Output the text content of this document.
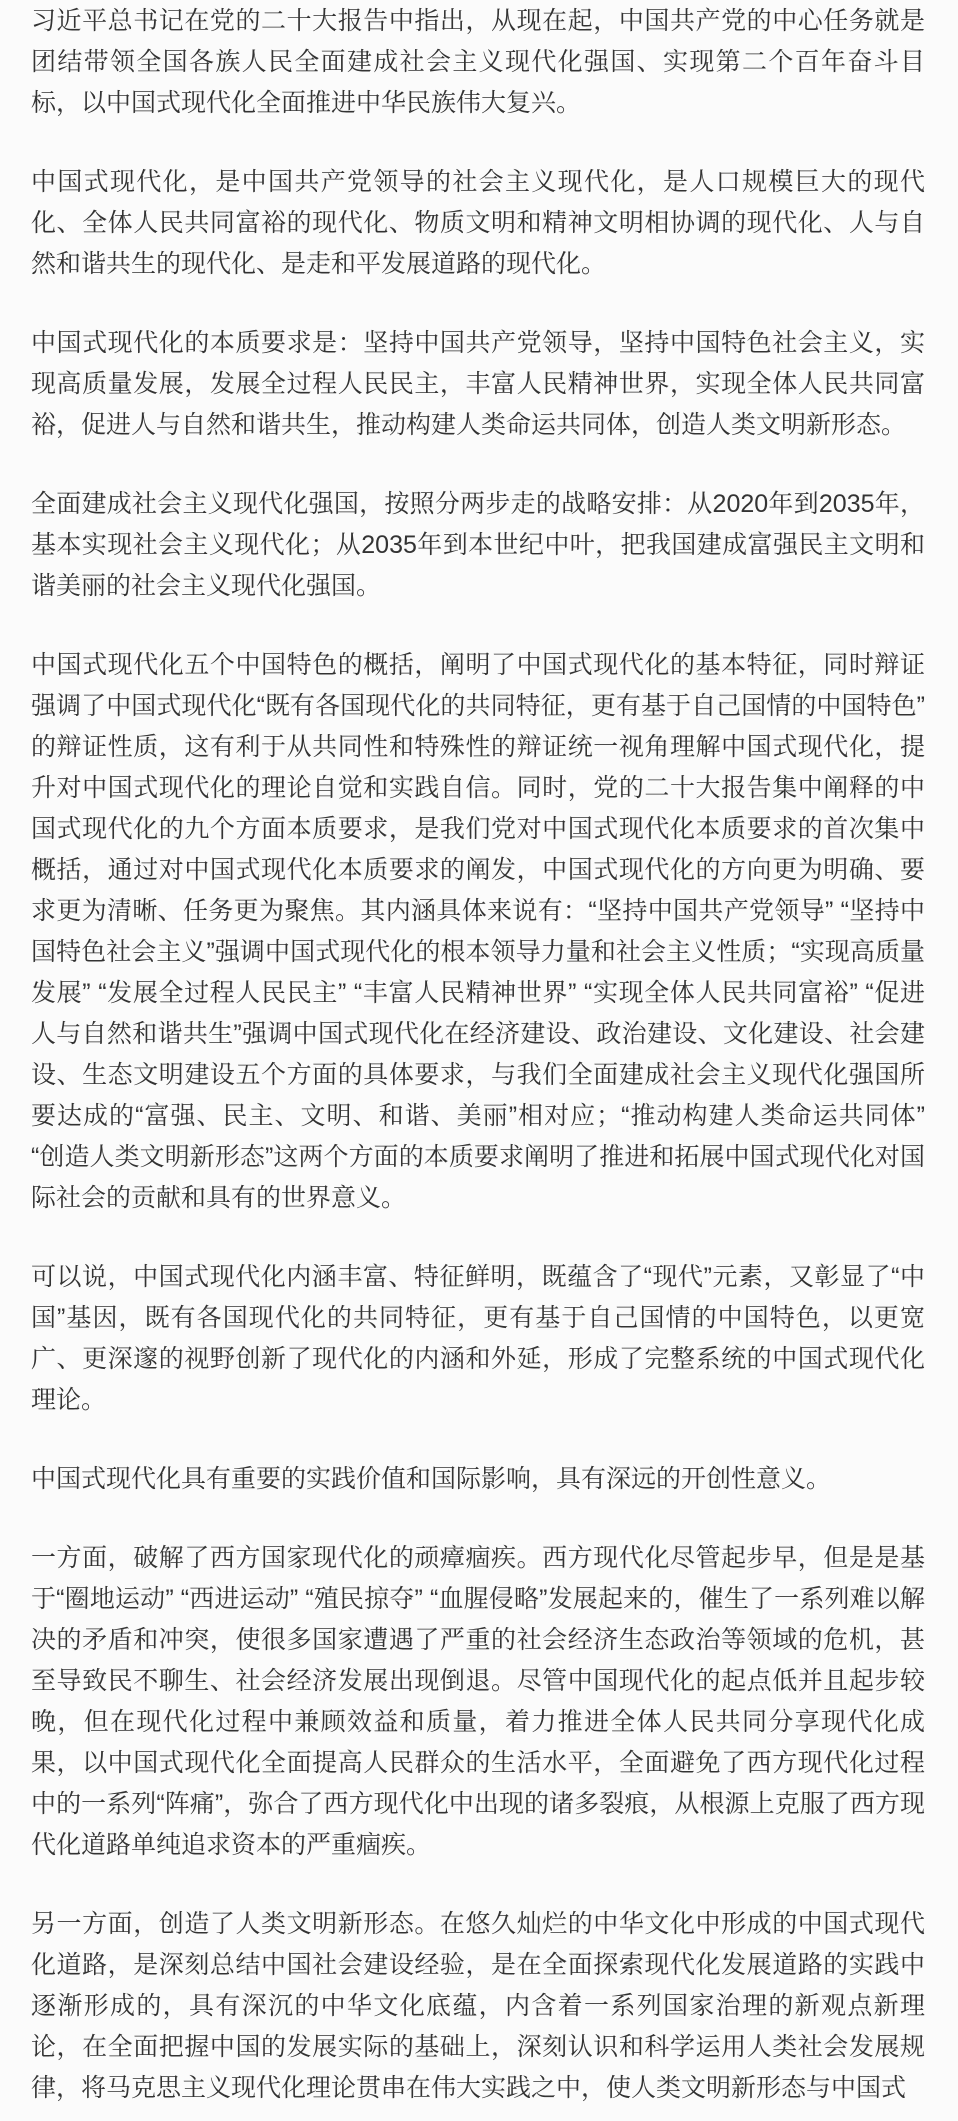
习近平总书记在党的二十大报告中指出，从现在起，中国共产党的中心任务就是团结带领全国各族人民全面建成社会主义现代化强国、实现第二个百年奋斗目标，以中国式现代化全面推进中华民族伟大复兴。

中国式现代化，是中国共产党领导的社会主义现代化，是人口规模巨大的现代化、全体人民共同富裕的现代化、物质文明和精神文明相协调的现代化、人与自然和谐共生的现代化、是走和平发展道路的现代化。

中国式现代化的本质要求是：坚持中国共产党领导，坚持中国特色社会主义，实现高质量发展，发展全过程人民民主，丰富人民精神世界，实现全体人民共同富裕，促进人与自然和谐共生，推动构建人类命运共同体，创造人类文明新形态。

全面建成社会主义现代化强国，按照分两步走的战略安排：从2020年到2035年，基本实现社会主义现代化；从2035年到本世纪中叶，把我国建成富强民主文明和谐美丽的社会主义现代化强国。

中国式现代化五个中国特色的概括，阐明了中国式现代化的基本特征，同时辩证强调了中国式现代化“既有各国现代化的共同特征，更有基于自己国情的中国特色”的辩证性质，这有利于从共同性和特殊性的辩证统一视角理解中国式现代化，提升对中国式现代化的理论自觉和实践自信。同时，党的二十大报告集中阐释的中国式现代化的九个方面本质要求，是我们党对中国式现代化本质要求的首次集中概括，通过对中国式现代化本质要求的阐发，中国式现代化的方向更为明确、要求更为清晰、任务更为聚焦。其内涵具体来说有：“坚持中国共产党领导” “坚持中国特色社会主义”强调中国式现代化的根本领导力量和社会主义性质；“实现高质量发展” “发展全过程人民民主” “丰富人民精神世界” “实现全体人民共同富裕” “促进人与自然和谐共生”强调中国式现代化在经济建设、政治建设、文化建设、社会建设、生态文明建设五个方面的具体要求，与我们全面建成社会主义现代化强国所要达成的“富强、民主、文明、和谐、美丽”相对应；“推动构建人类命运共同体” “创造人类文明新形态”这两个方面的本质要求阐明了推进和拓展中国式现代化对国际社会的贡献和具有的世界意义。

可以说，中国式现代化内涵丰富、特征鲜明，既蕴含了“现代”元素，又彰显了“中国”基因，既有各国现代化的共同特征，更有基于自己国情的中国特色，以更宽广、更深邃的视野创新了现代化的内涵和外延，形成了完整系统的中国式现代化理论。

中国式现代化具有重要的实践价值和国际影响，具有深远的开创性意义。

一方面，破解了西方国家现代化的顽瘴痼疾。西方现代化尽管起步早，但是是基于“圈地运动” “西进运动” “殖民掠夺” “血腥侵略”发展起来的，催生了一系列难以解决的矛盾和冲突，使很多国家遭遇了严重的社会经济生态政治等领域的危机，甚至导致民不聊生、社会经济发展出现倒退。尽管中国现代化的起点低并且起步较晚，但在现代化过程中兼顾效益和质量，着力推进全体人民共同分享现代化成果，以中国式现代化全面提高人民群众的生活水平，全面避免了西方现代化过程中的一系列“阵痛”，弥合了西方现代化中出现的诸多裂痕，从根源上克服了西方现代化道路单纯追求资本的严重痼疾。

另一方面，创造了人类文明新形态。在悠久灿烂的中华文化中形成的中国式现代化道路，是深刻总结中国社会建设经验，是在全面探索现代化发展道路的实践中逐渐形成的，具有深沉的中华文化底蕴，内含着一系列国家治理的新观点新理论，在全面把握中国的发展实际的基础上，深刻认识和科学运用人类社会发展规律，将马克思主义现代化理论贯串在伟大实践之中，使人类文明新形态与中国式
